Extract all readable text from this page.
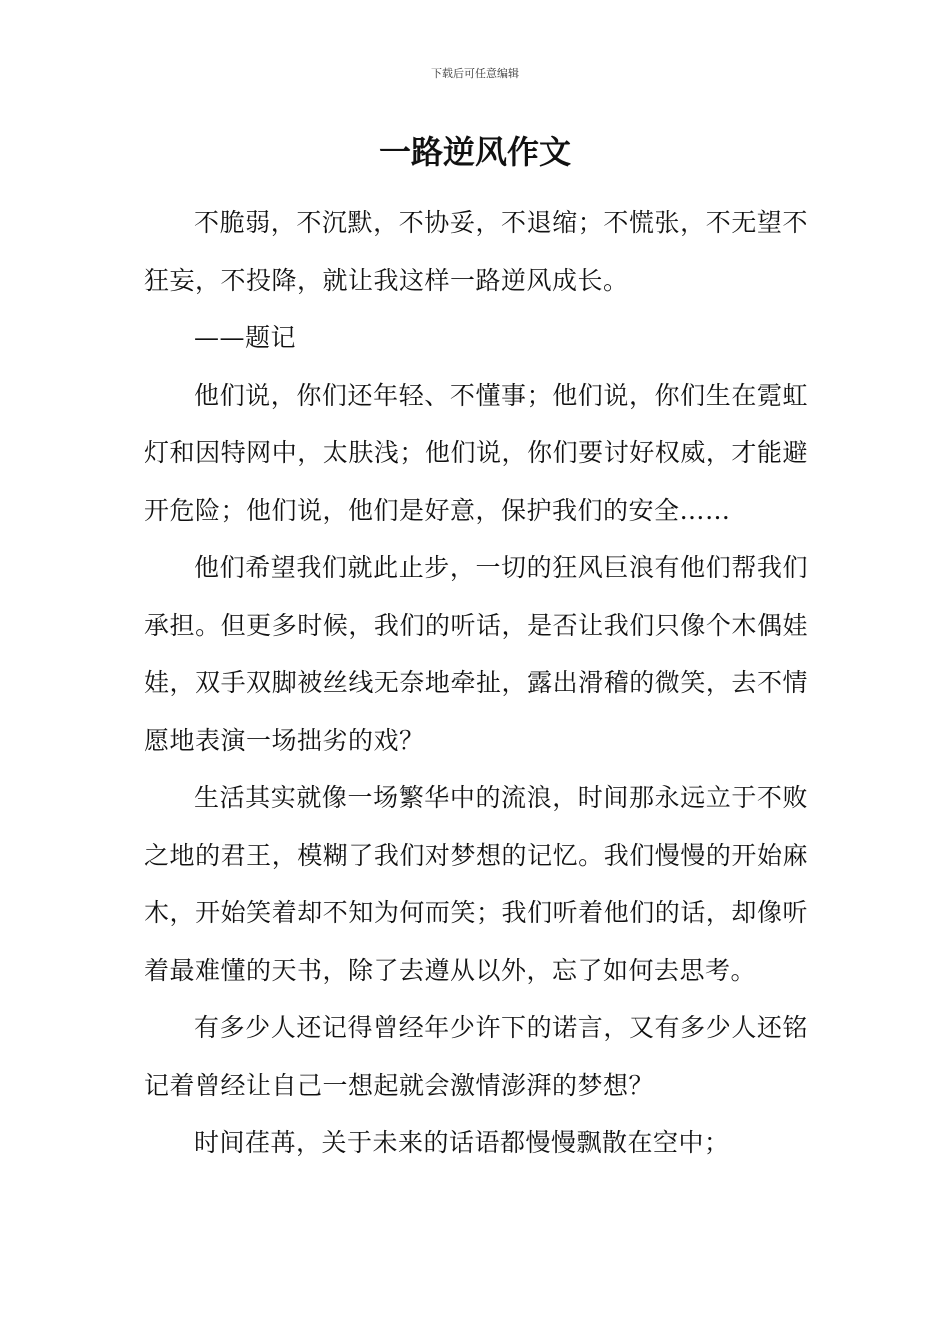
下载后可任意编辑
一路逆风作文

不脆弱，不沉默，不协妥，不退缩；不慌张，不无望不狂妄，不投降，就让我这样一路逆风成长。

——题记

他们说，你们还年轻、不懂事；他们说，你们生在霓虹灯和因特网中，太肤浅；他们说，你们要讨好权威，才能避开危险；他们说，他们是好意，保护我们的安全……

他们希望我们就此止步，一切的狂风巨浪有他们帮我们承担。但更多时候，我们的听话，是否让我们只像个木偶娃娃，双手双脚被丝线无奈地牵扯，露出滑稽的微笑，去不情愿地表演一场拙劣的戏？

生活其实就像一场繁华中的流浪，时间那永远立于不败之地的君王，模糊了我们对梦想的记忆。我们慢慢的开始麻木，开始笑着却不知为何而笑；我们听着他们的话，却像听着最难懂的天书，除了去遵从以外，忘了如何去思考。

有多少人还记得曾经年少许下的诺言，又有多少人还铭记着曾经让自己一想起就会激情澎湃的梦想？

时间荏苒，关于未来的话语都慢慢飘散在空中；
